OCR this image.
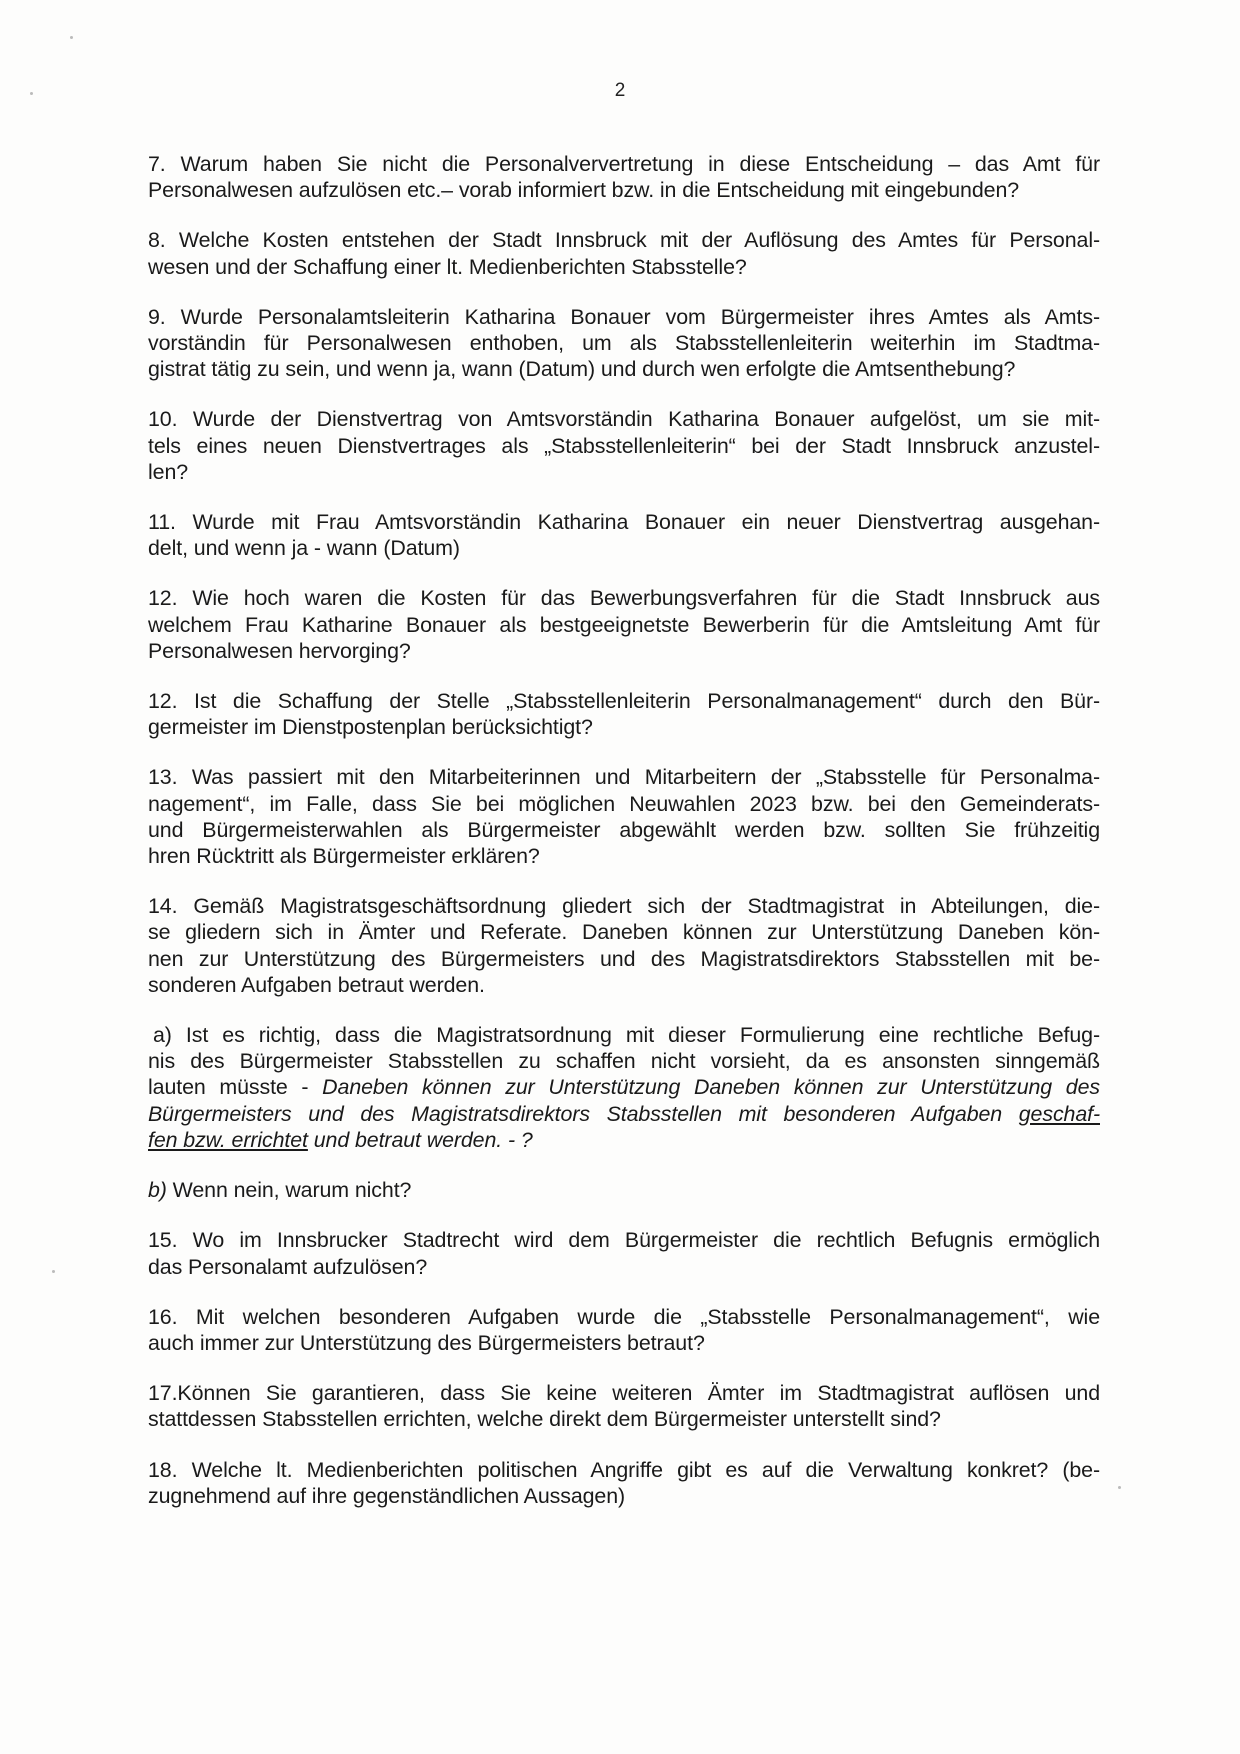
2

7. Warum haben Sie nicht die Personalververtretung in diese Entscheidung – das Amt für
Personalwesen aufzulösen etc.– vorab informiert bzw. in die Entscheidung mit eingebunden?

8. Welche Kosten entstehen der Stadt Innsbruck mit der Auflösung des Amtes für Personal-
wesen und der Schaffung einer lt. Medienberichten Stabsstelle?

9. Wurde Personalamtsleiterin Katharina Bonauer vom Bürgermeister ihres Amtes als Amts-
vorständin für Personalwesen enthoben, um als Stabsstellenleiterin weiterhin im Stadtma-
gistrat tätig zu sein, und wenn ja, wann (Datum) und durch wen erfolgte die Amtsenthebung?

10. Wurde der Dienstvertrag von Amtsvorständin Katharina Bonauer aufgelöst, um sie mit-
tels eines neuen Dienstvertrages als „Stabsstellenleiterin“ bei der Stadt Innsbruck anzustel-
len?

11. Wurde mit Frau Amtsvorständin Katharina Bonauer ein neuer Dienstvertrag ausgehan-
delt, und wenn ja - wann (Datum)

12. Wie hoch waren die Kosten für das Bewerbungsverfahren für die Stadt Innsbruck aus
welchem Frau Katharine Bonauer als bestgeeignetste Bewerberin für die Amtsleitung Amt für
Personalwesen hervorging?

12. Ist die Schaffung der Stelle „Stabsstellenleiterin Personalmanagement“ durch den Bür-
germeister im Dienstpostenplan berücksichtigt?

13. Was passiert mit den Mitarbeiterinnen und Mitarbeitern der „Stabsstelle für Personalma-
nagement“, im Falle, dass Sie bei möglichen Neuwahlen 2023 bzw. bei den Gemeinderats-
und Bürgermeisterwahlen als Bürgermeister abgewählt werden bzw. sollten Sie frühzeitig
hren Rücktritt als Bürgermeister erklären?

14. Gemäß Magistratsgeschäftsordnung gliedert sich der Stadtmagistrat in Abteilungen, die-
se gliedern sich in Ämter und Referate. Daneben können zur Unterstützung Daneben kön-
nen zur Unterstützung des Bürgermeisters und des Magistratsdirektors Stabsstellen mit be-
sonderen Aufgaben betraut werden.

a) Ist es richtig, dass die Magistratsordnung mit dieser Formulierung eine rechtliche Befug-
nis des Bürgermeister Stabsstellen zu schaffen nicht vorsieht, da es ansonsten sinngemäß
lauten müsste - Daneben können zur Unterstützung Daneben können zur Unterstützung des
Bürgermeisters und des Magistratsdirektors Stabsstellen mit besonderen Aufgaben geschaf-
fen bzw. errichtet und betraut werden. - ?

b) Wenn nein, warum nicht?

15. Wo im Innsbrucker Stadtrecht wird dem Bürgermeister die rechtlich Befugnis ermöglich
das Personalamt aufzulösen?

16. Mit welchen besonderen Aufgaben wurde die „Stabsstelle Personalmanagement“, wie
auch immer zur Unterstützung des Bürgermeisters betraut?

17.Können Sie garantieren, dass Sie keine weiteren Ämter im Stadtmagistrat auflösen und
stattdessen Stabsstellen errichten, welche direkt dem Bürgermeister unterstellt sind?

18. Welche lt. Medienberichten politischen Angriffe gibt es auf die Verwaltung konkret? (be-
zugnehmend auf ihre gegenständlichen Aussagen)
